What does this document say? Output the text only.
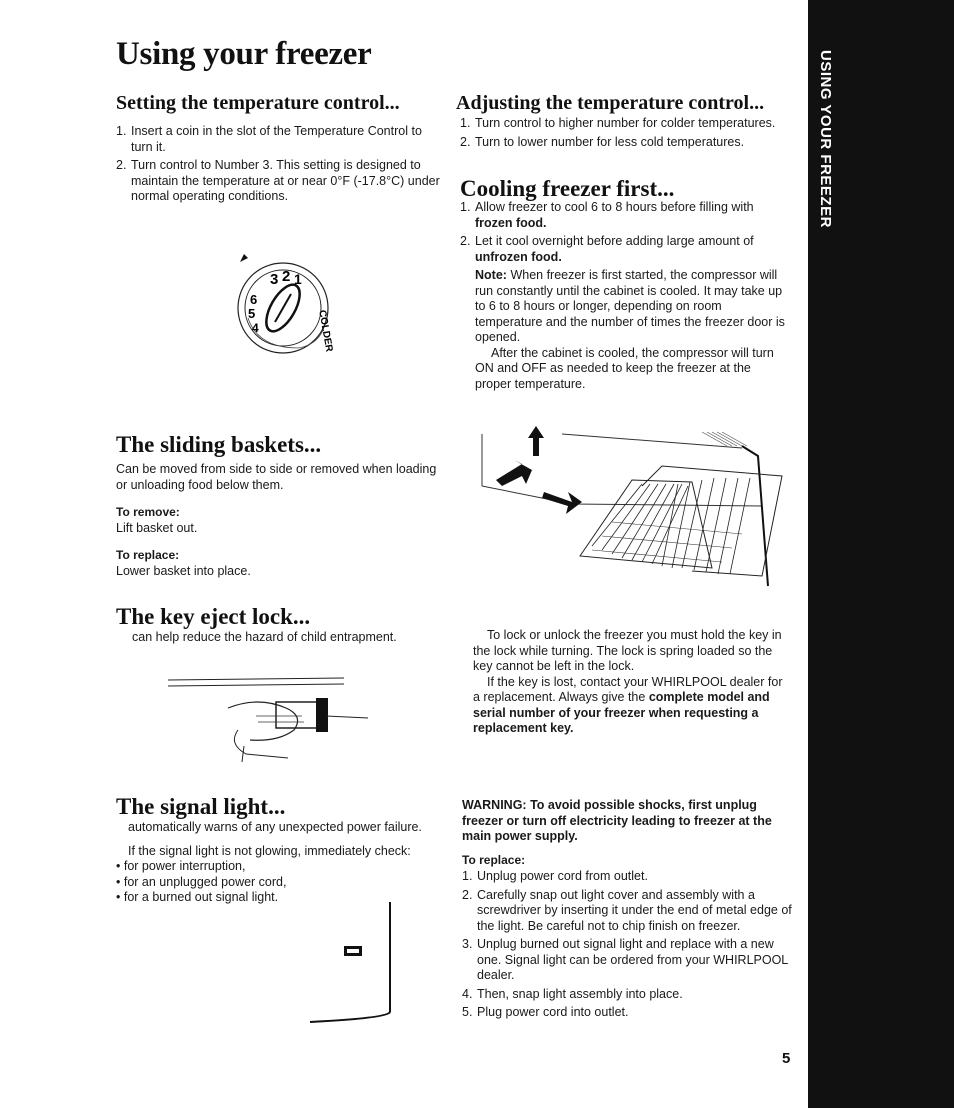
USING YOUR FREEZER
Using your freezer
Setting the temperature control...
1. Insert a coin in the slot of the Temperature Control to turn it.
2. Turn control to Number 3. This setting is designed to maintain the temperature at or near 0°F (-17.8°C) under normal operating conditions.
3 2 1
6
5
4	COLDER
Adjusting the temperature control...
1. Turn control to higher number for colder temperatures.
2. Turn to lower number for less cold temperatures.
Cooling freezer first...
1. Allow freezer to cool 6 to 8 hours before filling with frozen food.
2. Let it cool overnight before adding large amount of unfrozen food.
Note: When freezer is first started, the compressor will run constantly until the cabinet is cooled. It may take up to 6 to 8 hours or longer, depending on room temperature and the number of times the freezer door is opened.
After the cabinet is cooled, the compressor will turn ON and OFF as needed to keep the freezer at the proper temperature.
The sliding baskets...
Can be moved from side to side or removed when loading or unloading food below them.
To remove:
Lift basket out.
To replace:
Lower basket into place.
The key eject lock...
can help reduce the hazard of child entrapment.	To lock or unlock the freezer you must hold the key in the lock while turning. The lock is spring loaded so the key cannot be left in the lock.
If the key is lost, contact your WHIRLPOOL dealer for a replacement. Always give the complete model and serial number of your freezer when requesting a replacement key.
The signal light...
automatically warns of any unexpected power failure.
If the signal light is not glowing, immediately check:
• for power interruption,
• for an unplugged power cord,
• for a burned out signal light.
WARNING: To avoid possible shocks, first unplug freezer or turn off electricity leading to freezer at the main power supply.
To replace:
1. Unplug power cord from outlet.
2. Carefully snap out light cover and assembly with a screwdriver by inserting it under the end of metal edge of the light. Be careful not to chip finish on freezer.
3. Unplug burned out signal light and replace with a new one. Signal light can be ordered from your WHIRLPOOL dealer.
4. Then, snap light assembly into place.
5. Plug power cord into outlet.
5
